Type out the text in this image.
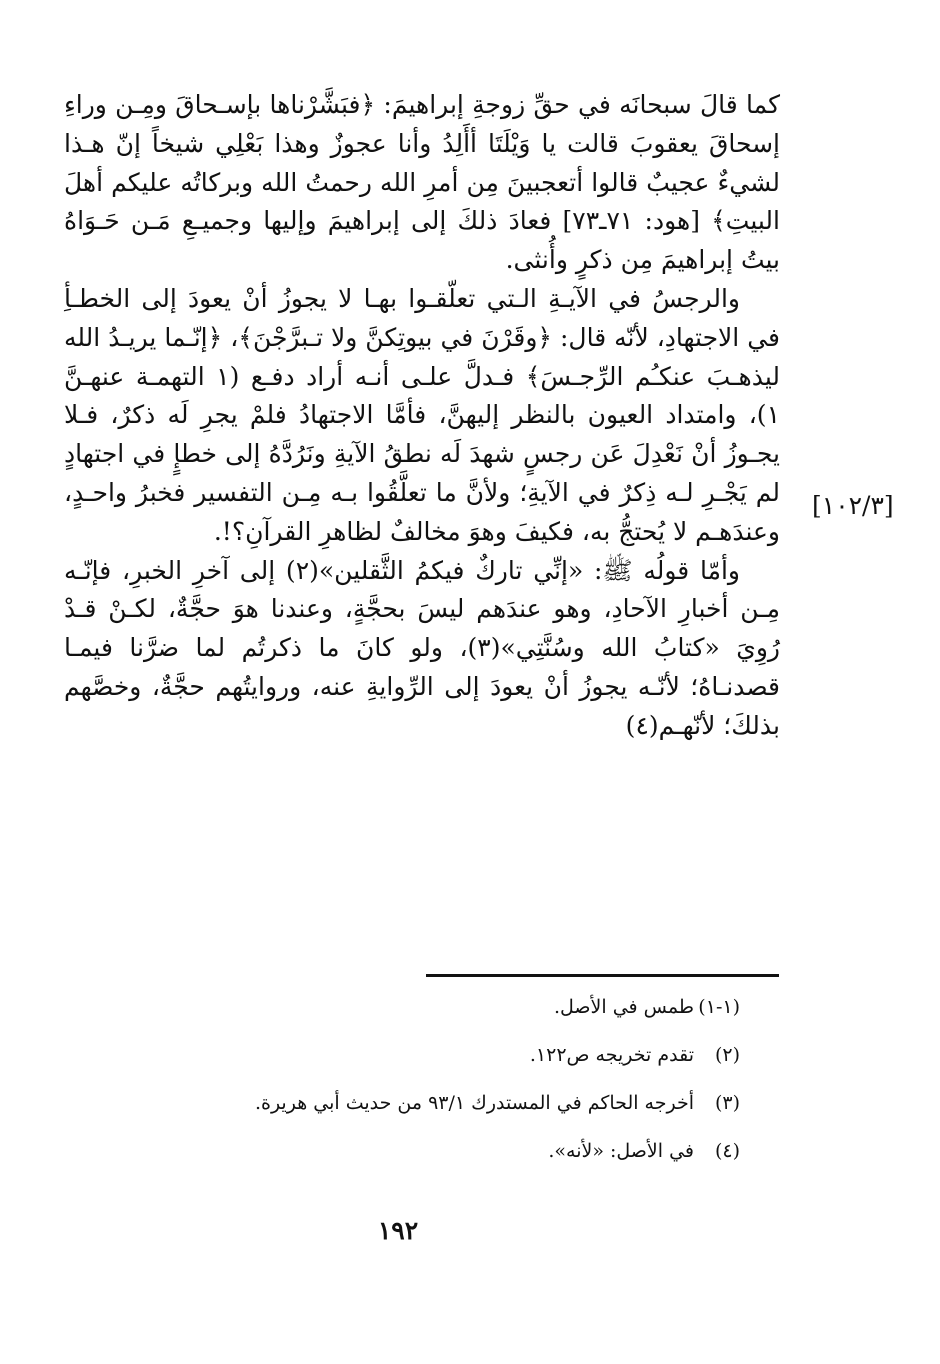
كما قالَ سبحانَه في حقِّ زوجةِ إبراهيمَ: ﴿فبَشَّرْناها بإسـحاقَ ومِـن وراءِ إسحاقَ يعقوبَ قالت يا وَيْلَتَا أأَلِدُ وأنا عجوزٌ وهذا بَعْلِي شيخاً إنّ هـذا لشيءٌ عجيبٌ قالوا أتعجبينَ مِن أمرِ الله رحمتُ الله وبركاتُه عليكم أهلَ البيتِ﴾ [هود: ٧١ـ٧٣] فعادَ ذلكَ إلى إبراهيمَ وإليها وجميـعِ مَـن حَـوَاهُ بيتُ إبراهيمَ مِن ذكرٍ وأُنثى.

والرجسُ في الآيـةِ الـتي تعلّقـوا بهـا لا يجوزُ أنْ يعودَ إلى الخطـأِ في الاجتهادِ، لأنّه قال: ﴿وقَرْنَ في بيوتِكنَّ ولا تـبرَّجْنَ﴾، ﴿إنّـما يريـدُ الله ليذهـبَ عنكـُم الرِّجـسَ﴾ فـدلَّ علـى أنـه أراد دفـع (١ التهمـة عنهـنَّ ١)، وامتداد العيون بالنظر إليهنَّ، فأمَّا الاجتهادُ فلمْ يجرِ لَه ذكرٌ، فـلا يجـوزُ أنْ نَعْدِلَ عَن رجسٍ شهدَ لَه نطقُ الآيةِ ونَرُدَّهُ إلى خطإٍ في اجتهادٍ لم يَجْـرِ لـه ذِكرٌ في الآيةِ؛ ولأنَّ ما تعلَّقُوا بـه مِـن التفسير فخبرُ واحـدٍ، وعندَهـم لا يُحتجُّ به، فكيفَ وهوَ مخالفٌ لظاهرِ القرآنِ؟!.

وأمّا قولُه ﷺ: «إنِّي تاركٌ فيكمُ الثَّقلين»(٢) إلى آخرِ الخبرِ، فإنّـه مِـن أخبارِ الآحادِ، وهو عندَهم ليسَ بحجَّةٍ، وعندنا هوَ حجَّةٌ، لكـنْ قـدْ رُوِيَ «كتابُ الله وسُنَّتِي»(٣)، ولو كانَ ما ذكرتُم لما ضرَّنا فيمـا قصدنـاهُ؛ لأنّـه يجوزُ أنْ يعودَ إلى الرِّوايةِ عنه، وروايتُهم حجَّةٌ، وخصَّهم بذلكَ؛ لأنّهـم(٤)

[١٠٢/٣]
(١-١)
طمس في الأصل.
(٢)
تقدم تخريجه ص١٢٢.
(٣)
أخرجه الحاكم في المستدرك ٩٣/١ من حديث أبي هريرة.
(٤)
في الأصل: «لأنه».
١٩٢
